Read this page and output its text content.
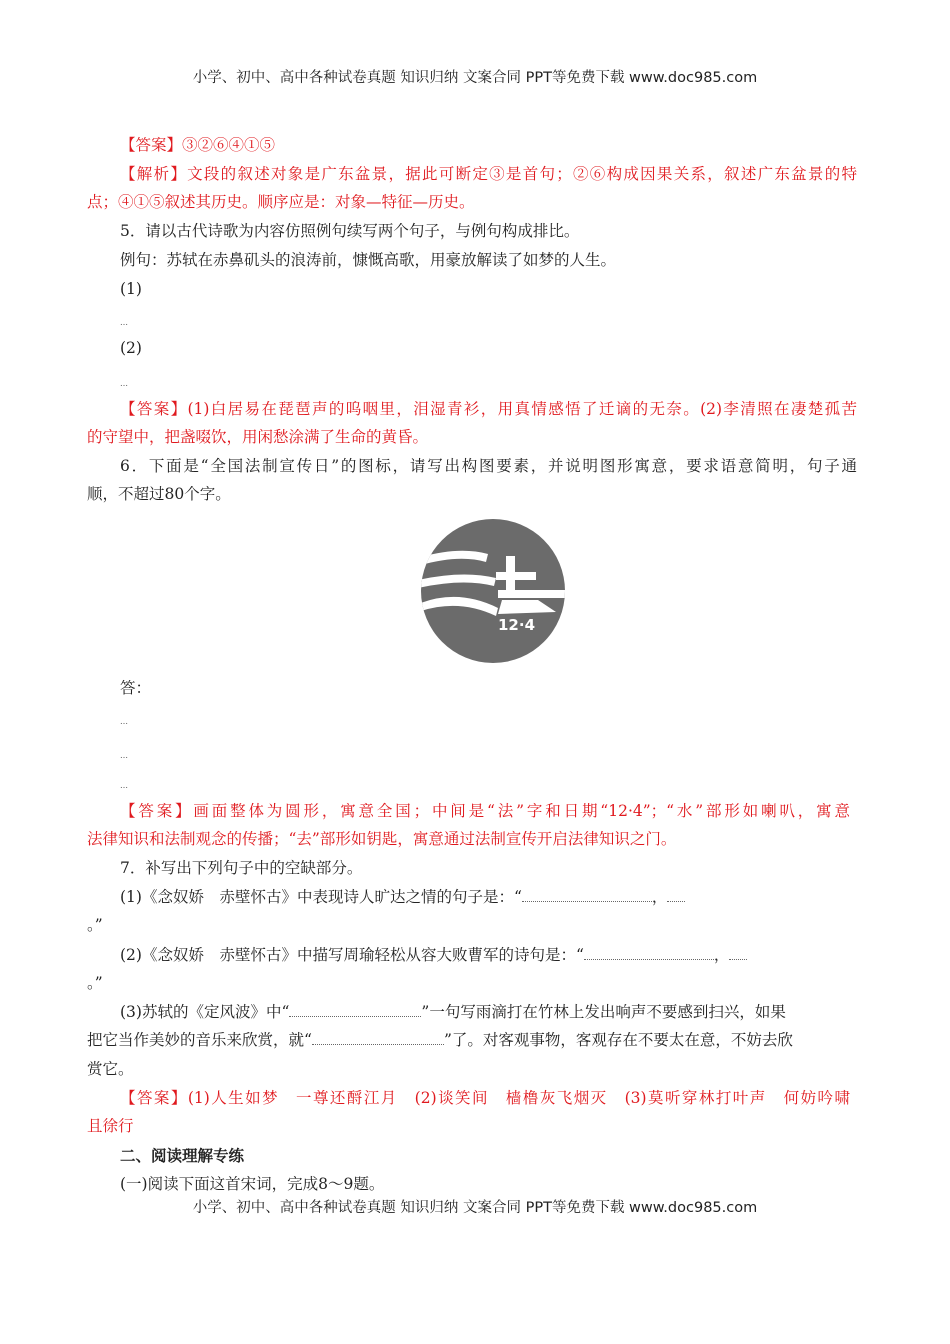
小学、初中、高中各种试卷真题 知识归纳 文案合同 PPT等免费下载 www.doc985.com
【答案】③②⑥④①⑤
【解析】文段的叙述对象是广东盆景，据此可断定③是首句；②⑥构成因果关系，叙述广东盆景的特
点；④①⑤叙述其历史。顺序应是：对象—特征—历史。
5．请以古代诗歌为内容仿照例句续写两个句子，与例句构成排比。
例句：苏轼在赤鼻矶头的浪涛前，慷慨高歌，用豪放解读了如梦的人生。
(1)
…
(2)
…
【答案】(1)白居易在琵琶声的呜咽里，泪湿青衫，用真情感悟了迁谪的无奈。(2)李清照在凄楚孤苦
的守望中，把盏啜饮，用闲愁涂满了生命的黄昏。
6．下面是“全国法制宣传日”的图标，请写出构图要素，并说明图形寓意，要求语意简明，句子通
顺，不超过80个字。
12·4
答：
…
…
…
【答案】画面整体为圆形，寓意全国；中间是“法”字和日期“12·4”；“水”部形如喇叭，寓意
法律知识和法制观念的传播；“去”部形如钥匙，寓意通过法制宣传开启法律知识之门。
7．补写出下列句子中的空缺部分。
(1)《念奴娇　赤壁怀古》中表现诗人旷达之情的句子是：“	，
。”
(2)《念奴娇　赤壁怀古》中描写周瑜轻松从容大败曹军的诗句是：“	，
。”
(3)苏轼的《定风波》中“	”一句写雨滴打在竹林上发出响声不要感到扫兴，如果
把它当作美妙的音乐来欣赏，就“	”了。对客观事物，客观存在不要太在意，不妨去欣
赏它。
【答案】(1)人生如梦　一尊还酹江月　(2)谈笑间　樯橹灰飞烟灭　(3)莫听穿林打叶声　何妨吟啸
且徐行
二、阅读理解专练
(一)阅读下面这首宋词，完成8～9题。
小学、初中、高中各种试卷真题 知识归纳 文案合同 PPT等免费下载 www.doc985.com
